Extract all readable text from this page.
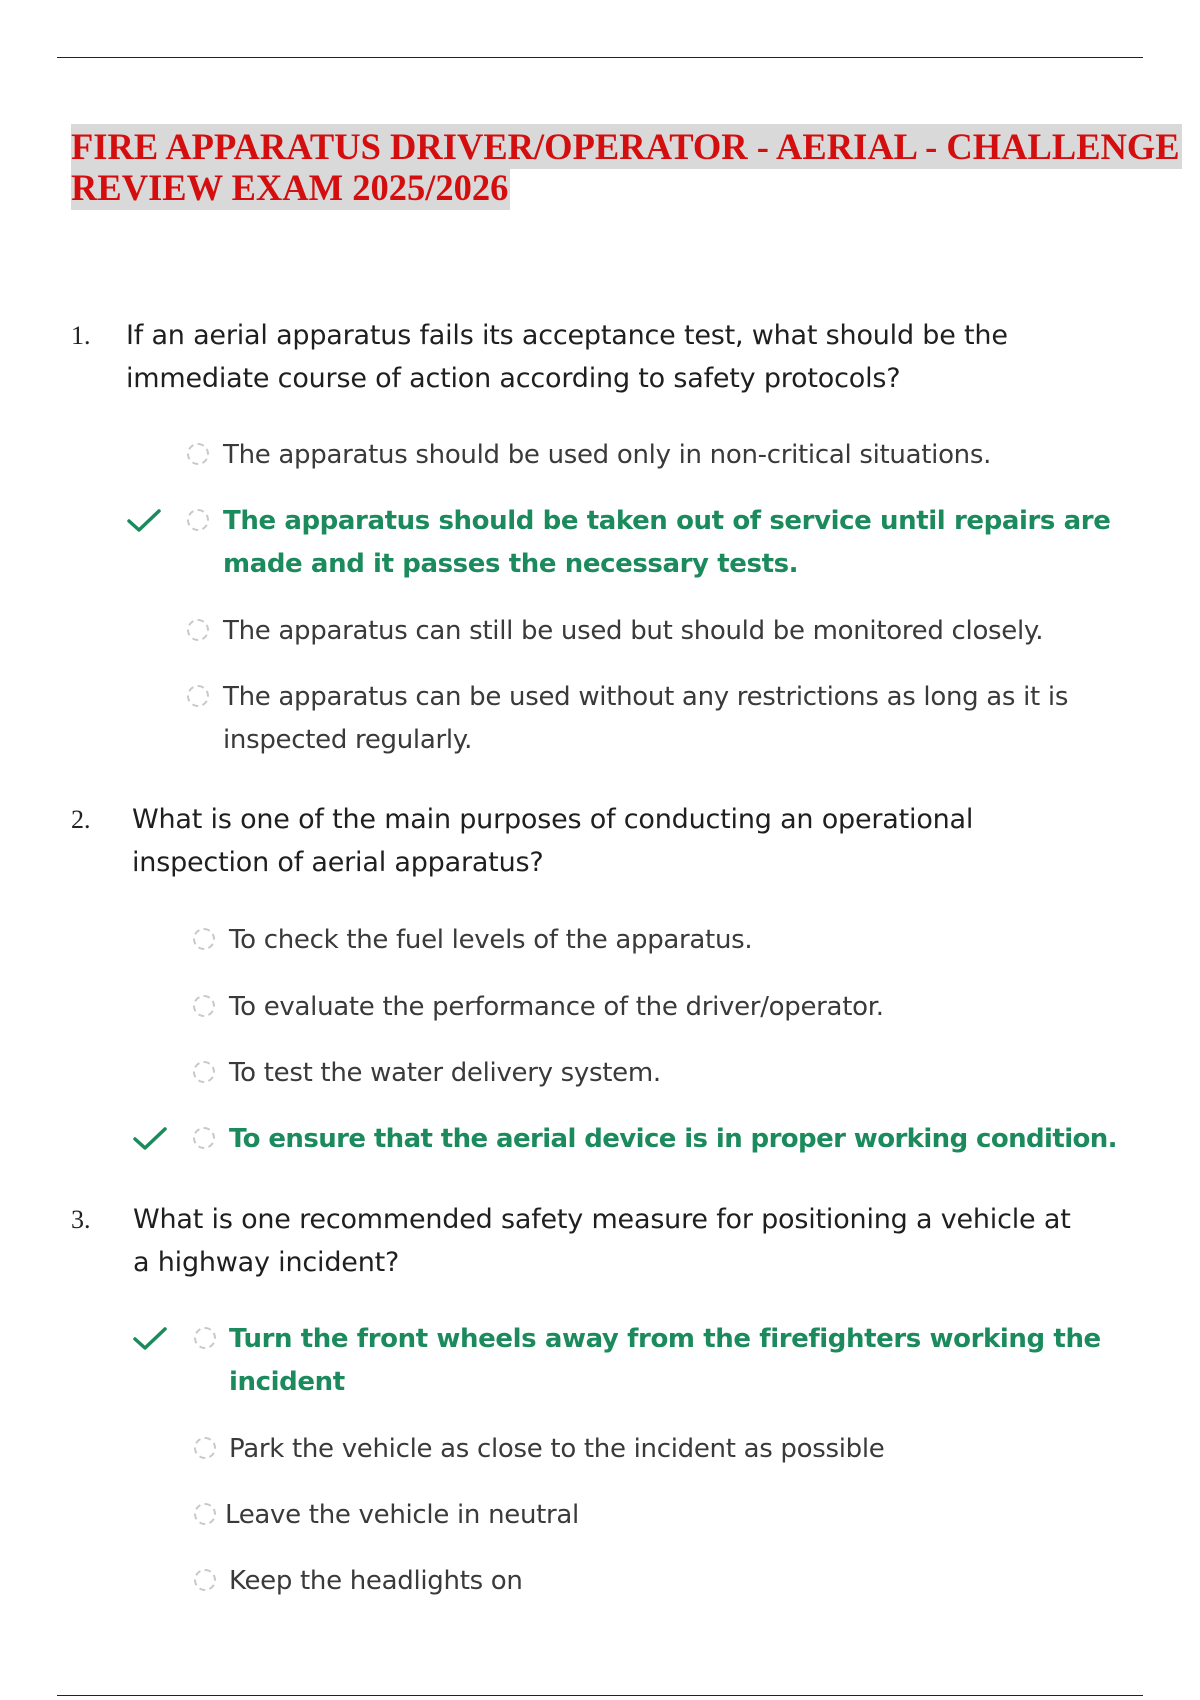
FIRE APPARATUS DRIVER/OPERATOR - AERIAL - CHALLENGE REVIEW EXAM 2025/2026
1. If an aerial apparatus fails its acceptance test, what should be the immediate course of action according to safety protocols?
The apparatus should be used only in non-critical situations.
The apparatus should be taken out of service until repairs are made and it passes the necessary tests.
The apparatus can still be used but should be monitored closely.
The apparatus can be used without any restrictions as long as it is inspected regularly.
2. What is one of the main purposes of conducting an operational inspection of aerial apparatus?
To check the fuel levels of the apparatus.
To evaluate the performance of the driver/operator.
To test the water delivery system.
To ensure that the aerial device is in proper working condition.
3. What is one recommended safety measure for positioning a vehicle at a highway incident?
Turn the front wheels away from the firefighters working the incident
Park the vehicle as close to the incident as possible
Leave the vehicle in neutral
Keep the headlights on
